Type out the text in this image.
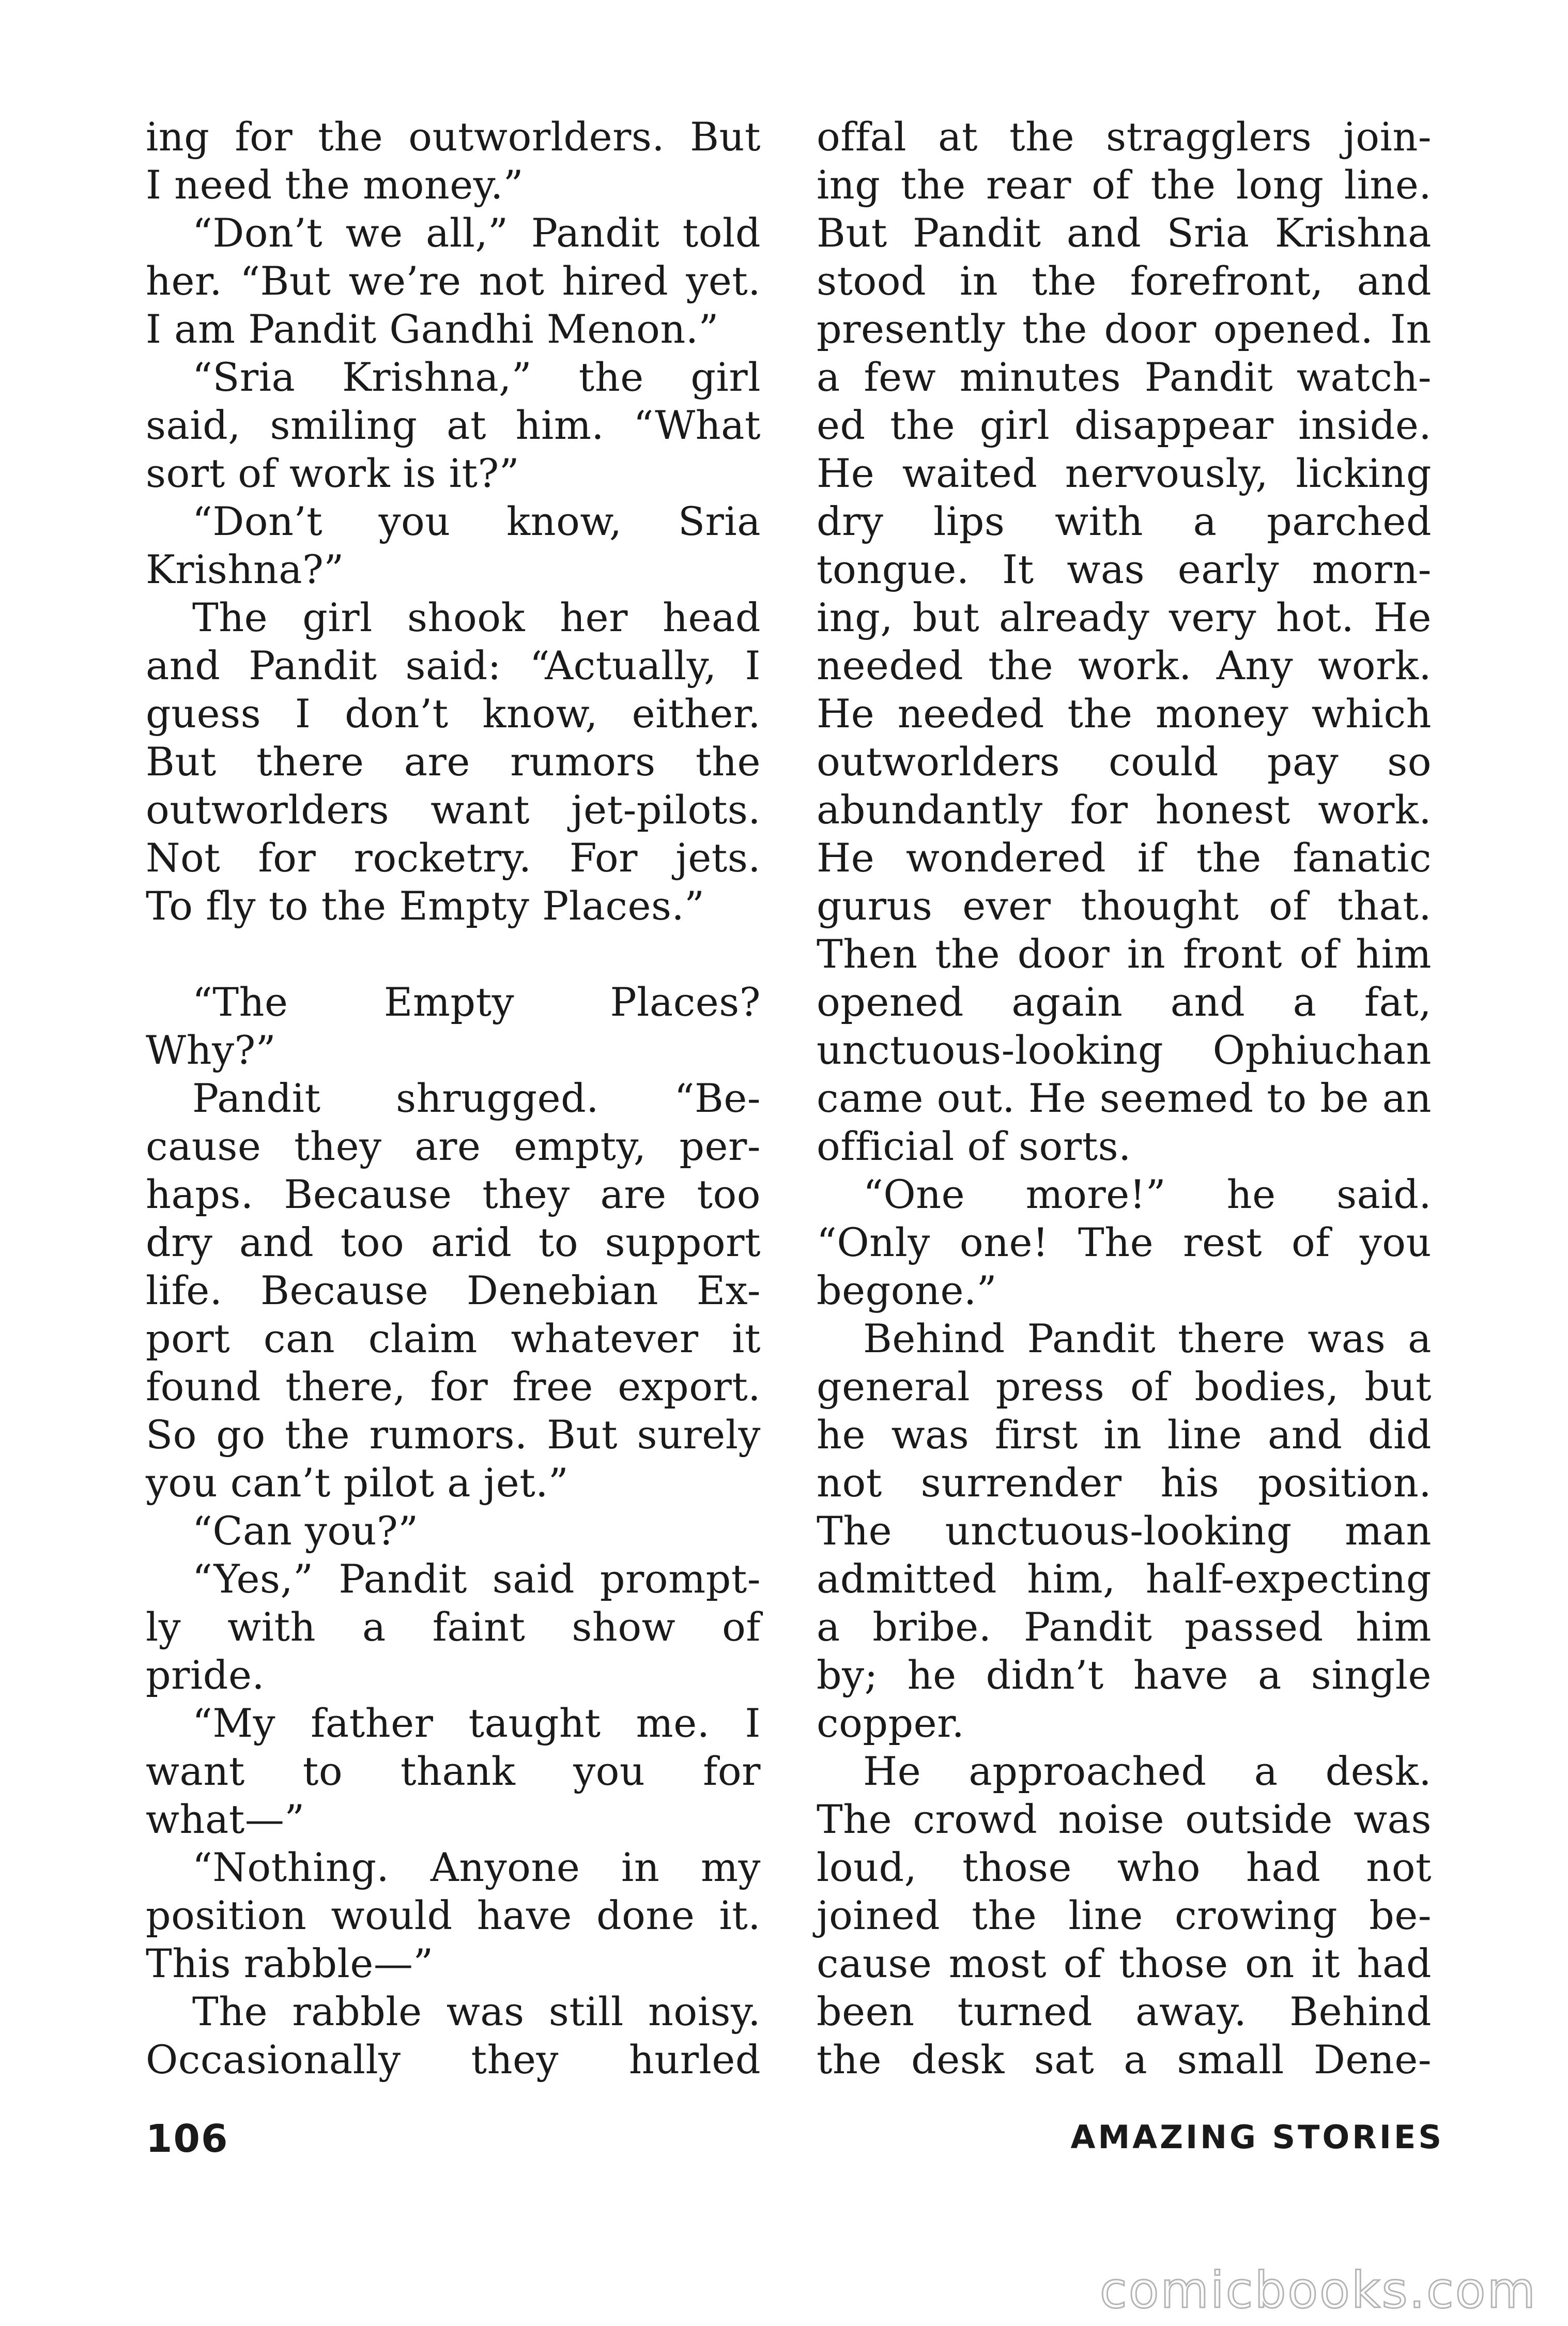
ing for the outworlders. But
I need the money.”
“Don’t we all,” Pandit told
her. “But we’re not hired yet.
I am Pandit Gandhi Menon.”
“Sria Krishna,” the girl
said, smiling at him. “What
sort of work is it?”
“Don’t you know, Sria
Krishna?”
The girl shook her head
and Pandit said: “Actually, I
guess I don’t know, either.
But there are rumors the
outworlders want jet-pilots.
Not for rocketry. For jets.
To fly to the Empty Places.”
“The Empty Places?
Why?”
Pandit shrugged. “Be-
cause they are empty, per-
haps. Because they are too
dry and too arid to support
life. Because Denebian Ex-
port can claim whatever it
found there, for free export.
So go the rumors. But surely
you can’t pilot a jet.”
“Can you?”
“Yes,” Pandit said prompt-
ly with a faint show of
pride.
“My father taught me. I
want to thank you for
what—”
“Nothing. Anyone in my
position would have done it.
This rabble—”
The rabble was still noisy.
Occasionally they hurled
offal at the stragglers join-
ing the rear of the long line.
But Pandit and Sria Krishna
stood in the forefront, and
presently the door opened. In
a few minutes Pandit watch-
ed the girl disappear inside.
He waited nervously, licking
dry lips with a parched
tongue. It was early morn-
ing, but already very hot. He
needed the work. Any work.
He needed the money which
outworlders could pay so
abundantly for honest work.
He wondered if the fanatic
gurus ever thought of that.
Then the door in front of him
opened again and a fat,
unctuous-looking Ophiuchan
came out. He seemed to be an
official of sorts.
“One more!” he said.
“Only one! The rest of you
begone.”
Behind Pandit there was a
general press of bodies, but
he was first in line and did
not surrender his position.
The unctuous-looking man
admitted him, half-expecting
a bribe. Pandit passed him
by; he didn’t have a single
copper.
He approached a desk.
The crowd noise outside was
loud, those who had not
joined the line crowing be-
cause most of those on it had
been turned away. Behind
the desk sat a small Dene-
106	AMAZING STORIES
comicbooks.com
